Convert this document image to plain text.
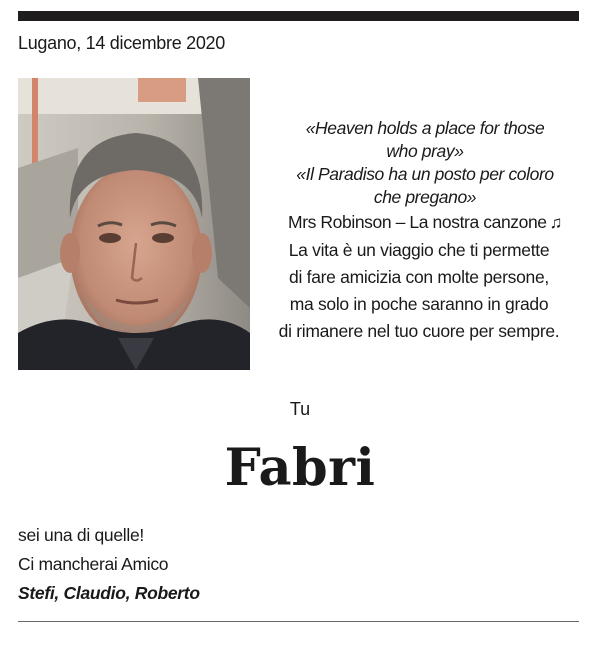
Lugano, 14 dicembre 2020
«Heaven holds a place for those
who pray»
«Il Paradiso ha un posto per coloro
che pregano»
Mrs Robinson – La nostra canzone ♫
La vita è un viaggio che ti permette
di fare amicizia con molte persone,
ma solo in poche saranno in grado
di rimanere nel tuo cuore per sempre.
Tu
Fabri
sei una di quelle!
Ci mancherai Amico
Stefi, Claudio, Roberto
